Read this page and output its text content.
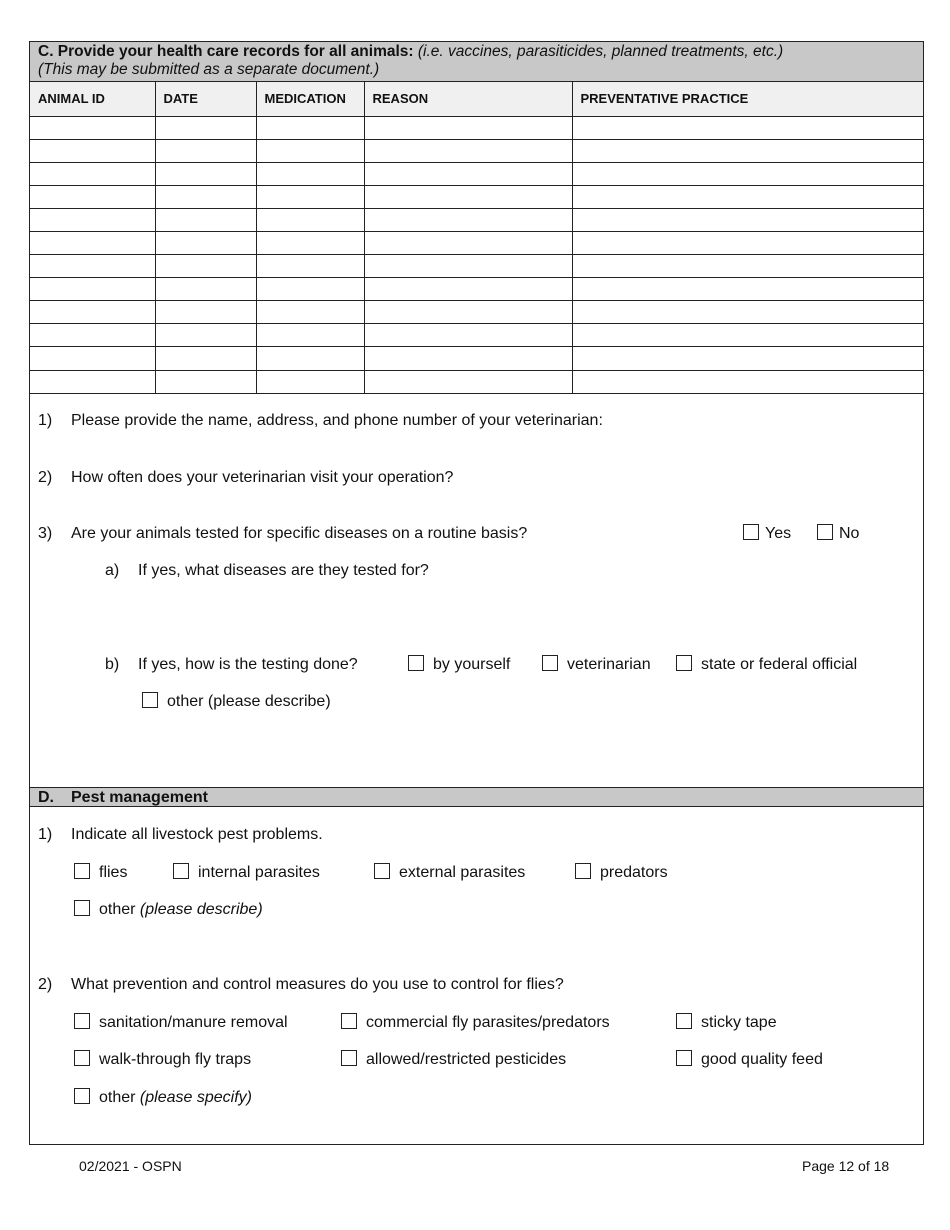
C. Provide your health care records for all animals: (i.e. vaccines, parasiticides, planned treatments, etc.)
(This may be submitted as a separate document.)
ANIMAL ID	DATE	MEDICATION	REASON	PREVENTATIVE PRACTICE

1) Please provide the name, address, and phone number of your veterinarian:
2) How often does your veterinarian visit your operation?
3) Are your animals tested for specific diseases on a routine basis?	Yes	No
a) If yes, what diseases are they tested for?
b) If yes, how is the testing done?	by yourself	veterinarian	state or federal official
other (please describe)
D. Pest management
1) Indicate all livestock pest problems.
flies	internal parasites	external parasites	predators
other (please describe)
2) What prevention and control measures do you use to control for flies?
sanitation/manure removal	commercial fly parasites/predators	sticky tape
walk-through fly traps	allowed/restricted pesticides	good quality feed
other (please specify)
02/2021 - OSPN	Page 12 of 18
